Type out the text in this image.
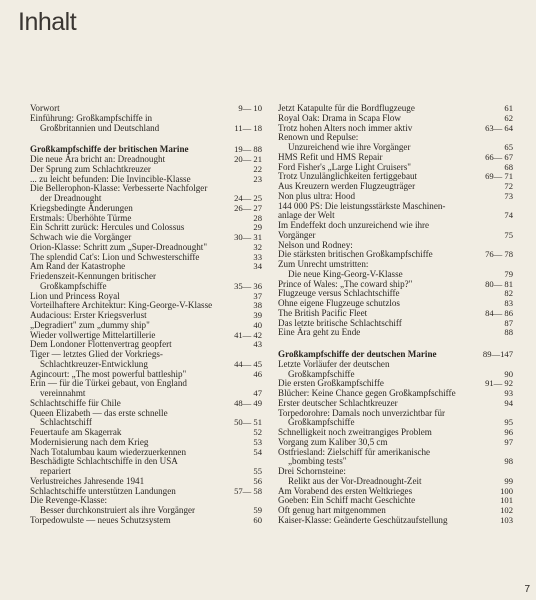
Inhalt
Vorwort	9— 10
Einführung: Großkampfschiffe in
Großbritannien und Deutschland	11— 18
Großkampfschiffe der britischen Marine	19— 88
Die neue Ära bricht an: Dreadnought	20— 21
Der Sprung zum Schlachtkreuzer	22
... zu leicht befunden: Die Invincible-Klasse	23
Die Bellerophon-Klasse: Verbesserte Nachfolger
der Dreadnought	24— 25
Kriegsbedingte Änderungen	26— 27
Erstmals: Überhöhte Türme	28
Ein Schritt zurück: Hercules und Colossus	29
Schwach wie die Vorgänger	30— 31
Orion-Klasse: Schritt zum „Super-Dreadnought"	32
The splendid Cat's: Lion und Schwesterschiffe	33
Am Rand der Katastrophe	34
Friedenszeit-Kennungen britischer
Großkampfschiffe	35— 36
Lion und Princess Royal	37
Vorteilhaftere Architektur: King-George-V-Klasse	38
Audacious: Erster Kriegsverlust	39
„Degradiert" zum „dummy ship"	40
Wieder vollwertige Mittelartillerie	41— 42
Dem Londoner Flottenvertrag geopfert	43
Tiger — letztes Glied der Vorkriegs-
Schlachtkreuzer-Entwicklung	44— 45
Agincourt: „The most powerful battleship"	46
Erin — für die Türkei gebaut, von England
vereinnahmt	47
Schlachtschiffe für Chile	48— 49
Queen Elizabeth — das erste schnelle
Schlachtschiff	50— 51
Feuertaufe am Skagerrak	52
Modernisierung nach dem Krieg	53
Nach Totalumbau kaum wiederzuerkennen	54
Beschädigte Schlachtschiffe in den USA
repariert	55
Verlustreiches Jahresende 1941	56
Schlachtschiffe unterstützen Landungen	57— 58
Die Revenge-Klasse:
Besser durchkonstruiert als ihre Vorgänger	59
Torpedowulste — neues Schutzsystem	60
Jetzt Katapulte für die Bordflugzeuge	61
Royal Oak: Drama in Scapa Flow	62
Trotz hohen Alters noch immer aktiv	63— 64
Renown und Repulse:
Unzureichend wie ihre Vorgänger	65
HMS Refit und HMS Repair	66— 67
Ford Fisher's „Large Light Cruisers"	68
Trotz Unzulänglichkeiten fertiggebaut	69— 71
Aus Kreuzern werden Flugzeugträger	72
Non plus ultra: Hood	73
144 000 PS: Die leistungsstärkste Maschinen-
anlage der Welt	74
Im Endeffekt doch unzureichend wie ihre
Vorgänger	75
Nelson und Rodney:
Die stärksten britischen Großkampfschiffe	76— 78
Zum Unrecht umstritten:
Die neue King-Georg-V-Klasse	79
Prince of Wales: „The coward ship?"	80— 81
Flugzeuge versus Schlachtschiffe	82
Ohne eigene Flugzeuge schutzlos	83
The British Pacific Fleet	84— 86
Das letzte britische Schlachtschiff	87
Eine Ära geht zu Ende	88
Großkampfschiffe der deutschen Marine	89—147
Letzte Vorläufer der deutschen
Großkampfschiffe	90
Die ersten Großkampfschiffe	91— 92
Blücher: Keine Chance gegen Großkampfschiffe	93
Erster deutscher Schlachtkreuzer	94
Torpedorohre: Damals noch unverzichtbar für
Großkampfschiffe	95
Schnelligkeit noch zweitrangiges Problem	96
Vorgang zum Kaliber 30,5 cm	97
Ostfriesland: Zielschiff für amerikanische
„bombing tests"	98
Drei Schornsteine:
Relikt aus der Vor-Dreadnought-Zeit	99
Am Vorabend des ersten Weltkrieges	100
Goeben: Ein Schiff macht Geschichte	101
Oft genug hart mitgenommen	102
Kaiser-Klasse: Geänderte Geschützaufstellung	103
7
